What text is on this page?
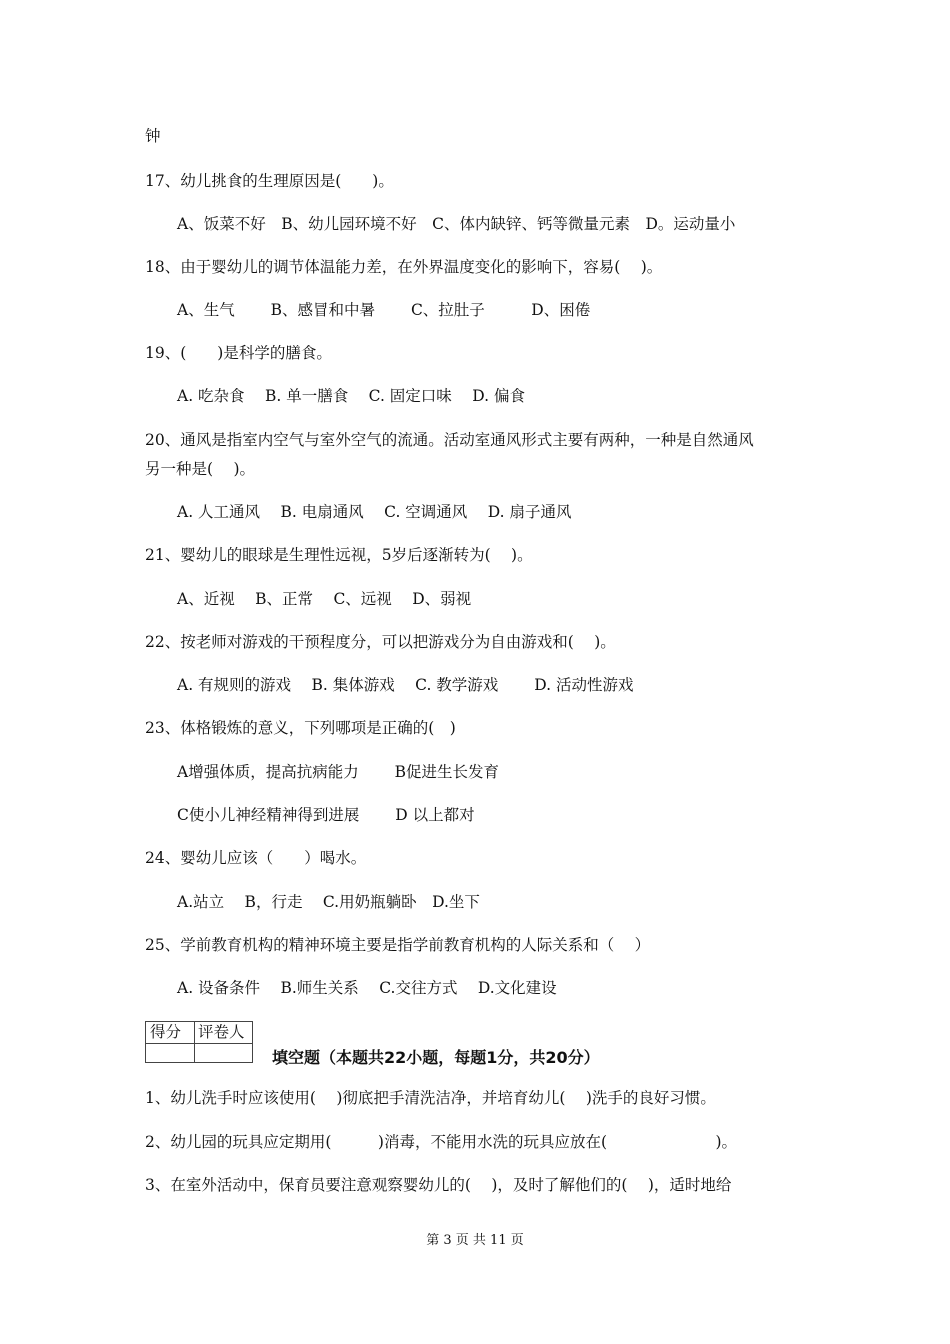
钟
17、幼儿挑食的生理原因是(　　)。
A、饭菜不好　B、幼儿园环境不好　C、体内缺锌、钙等微量元素　D。运动量小
18、由于婴幼儿的调节体温能力差，在外界温度变化的影响下，容易(　 )。
A、生气　　 B、感冒和中暑　　 C、拉肚子　　　D、困倦
19、(　　)是科学的膳食。
A. 吃杂食　 B. 单一膳食　 C. 固定口味　 D. 偏食
20、通风是指室内空气与室外空气的流通。活动室通风形式主要有两种，一种是自然通风
另一种是(　 )。
A. 人工通风　 B. 电扇通风　 C. 空调通风　 D. 扇子通风
21、婴幼儿的眼球是生理性远视，5岁后逐渐转为(　 )。
A、近视　 B、正常　 C、远视　 D、弱视
22、按老师对游戏的干预程度分，可以把游戏分为自由游戏和(　 )。
A. 有规则的游戏　 B. 集体游戏　 C. 教学游戏　　 D. 活动性游戏
23、体格锻炼的意义，下列哪项是正确的(　)
A增强体质，提高抗病能力　　 B促进生长发育
C使小儿神经精神得到进展　　 D 以上都对
24、婴幼儿应该（　　）喝水。
A.站立　 B，行走　 C.用奶瓶躺卧　D.坐下
25、学前教育机构的精神环境主要是指学前教育机构的人际关系和（　 ）
A. 设备条件　 B.师生关系　 C.交往方式　 D.文化建设
得分 评卷人
填空题（本题共22小题，每题1分，共20分）
1、幼儿洗手时应该使用(　 )彻底把手清洗洁净，并培育幼儿(　 )洗手的良好习惯。
2、幼儿园的玩具应定期用(　　　)消毒，不能用水洗的玩具应放在(　　　　　　　)。
3、在室外活动中，保育员要注意观察婴幼儿的(　 )，及时了解他们的(　 )，适时地给
第 3 页 共 11 页
